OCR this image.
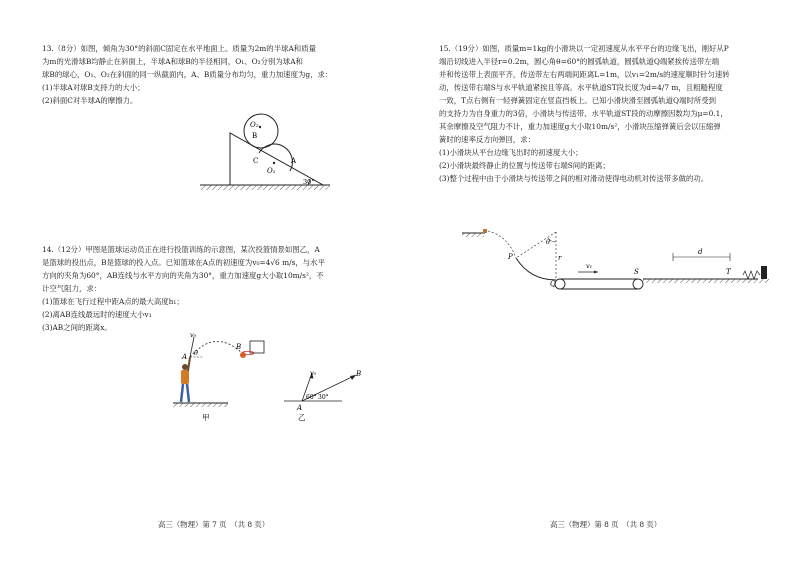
13.（8分）如图，倾角为30°的斜面C固定在水平地面上。质量为2m的半球A和质量

为m的光滑球B均静止在斜面上，半球A和球B的半径相同，O₁、O₂分别为球A和

球B的球心，O₁、O₂在斜面的同一纵截面内，A、B质量分布均匀，重力加速度为g，求：

(1)半球A对球B支持力的大小；

(2)斜面C对半球A的摩擦力。

O₂
B
C
O₁
A
30°

14.（12分）甲图是篮球运动员正在进行投篮训练的示意图，某次投篮情景如图乙，A

是篮球的投出点，B是篮球的投入点。已知篮球在A点的初速度为v₀=4√6 m/s，与水平

方向的夹角为60°，AB连线与水平方向的夹角为30°，重力加速度g大小取10m/s²，不

计空气阻力，求：

(1)篮球在飞行过程中距A点的最大高度h₁；

(2)离AB连线最远时的速度大小v₁

(3)AB之间的距离x。

v₀
A θ
B
甲
v₀	B
60° 30°
A
乙
高三（物理）第 7 页　（共 8 页）

15.（19分）如图，质量m=1kg的小滑块以一定初速度从水平平台的边缘飞出，刚好从P

端沿切线进入半径r=0.2m，圆心角θ=60°的圆弧轨道，圆弧轨道Q端紧挨传送带左端

并和传送带上表面平齐，传送带左右两端间距离L=1m，以v₁=2m/s的速度顺时针匀速转

动，传送带右端S与水平轨道紧挨且等高。水平轨道ST段长度为d=4/7 m，且粗糙程度

一致，T点右侧有一轻弹簧固定在竖直挡板上。已知小滑块滑至圆弧轨道Q端时所受到

的支持力为自身重力的3倍，小滑块与传送带、水平轨道ST段的动摩擦因数均为μ=0.1，

其余摩擦及空气阻力不计，重力加速度g大小取10m/s²，小滑块压缩弹簧后会以压缩弹

簧时的速率反方向弹回，求：

(1)小滑块从平台边缘飞出时的初速度大小；

(2)小滑块最终静止的位置与传送带右端S间的距离；

(3)整个过程中由于小滑块与传送带之间的相对滑动使得电动机对传送带多做的功。

P
θ
r
Q
v₁
S
d
T
高三（物理）第 8 页　（共 8 页）
